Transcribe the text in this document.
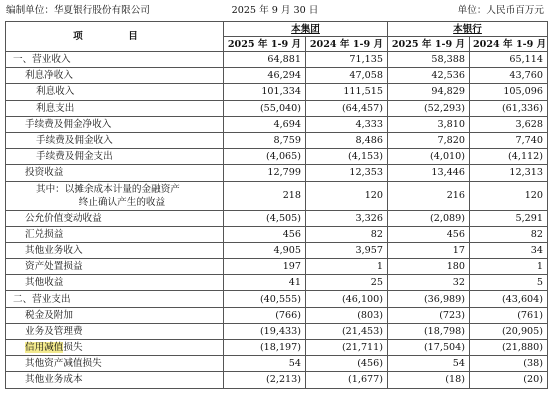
编制单位：华夏银行股份有限公司	2025 年 9 月 30 日	单位：人民币百万元
项　目	本集团		本银行	
	2025 年 1-9 月	2024 年 1-9 月	2025 年 1-9 月	2024 年 1-9 月
一、营业收入	64,881	71,135	58,388	65,114
利息净收入	46,294	47,058	42,536	43,760
利息收入	101,334	111,515	94,829	105,096
利息支出	(55,040)	(64,457)	(52,293)	(61,336)
手续费及佣金净收入	4,694	4,333	3,810	3,628
手续费及佣金收入	8,759	8,486	7,820	7,740
手续费及佣金支出	(4,065)	(4,153)	(4,010)	(4,112)
投资收益	12,799	12,353	13,446	12,313
其中： 以摊余成本计量的金融资产
终止确认产生的收益	218	120	216	120
公允价值变动收益	(4,505)	3,326	(2,089)	5,291
汇兑损益	456	82	456	82
其他业务收入	4,905	3,957	17	34
资产处置损益	197	1	180	1
其他收益	41	25	32	5
二、营业支出	(40,555)	(46,100)	(36,989)	(43,604)
税金及附加	(766)	(803)	(723)	(761)
业务及管理费	(19,433)	(21,453)	(18,798)	(20,905)
信用减值损失	(18,197)	(21,711)	(17,504)	(21,880)
其他资产减值损失	54	(456)	54	(38)
其他业务成本	(2,213)	(1,677)	(18)	(20)
